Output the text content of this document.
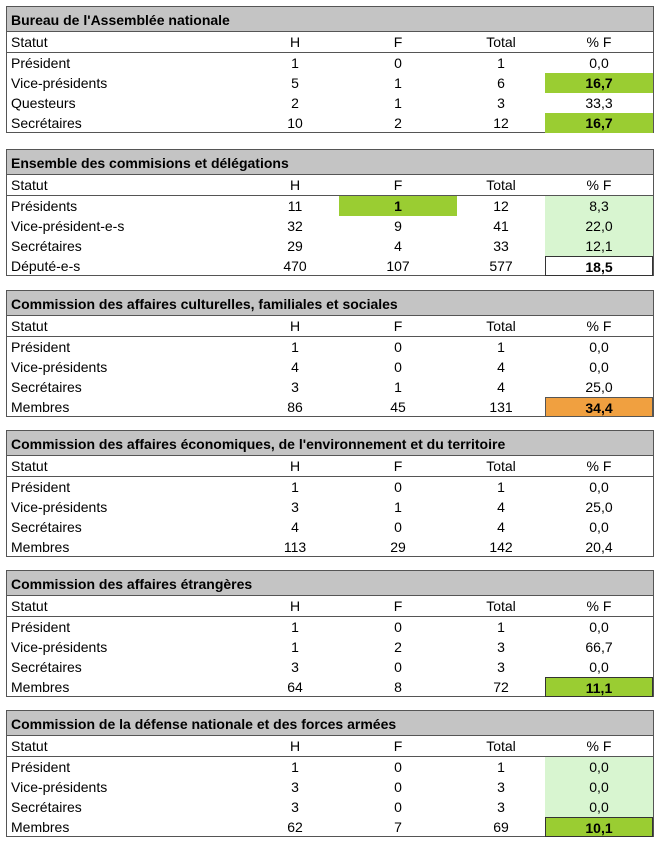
Bureau de l'Assemblée nationale
Statut	H	F	Total	% F
Président	1	0	1	0,0
Vice-présidents	5	1	6	16,7
Questeurs	2	1	3	33,3
Secrétaires	10	2	12	16,7
Ensemble des commisions et délégations
Statut	H	F	Total	% F
Présidents	11	1	12	8,3
Vice-président-e-s	32	9	41	22,0
Secrétaires	29	4	33	12,1
Député-e-s	470	107	577	18,5
Commission des affaires culturelles, familiales et sociales
Statut	H	F	Total	% F
Président	1	0	1	0,0
Vice-présidents	4	0	4	0,0
Secrétaires	3	1	4	25,0
Membres	86	45	131	34,4
Commission des affaires économiques, de l'environnement et du territoire
Statut	H	F	Total	% F
Président	1	0	1	0,0
Vice-présidents	3	1	4	25,0
Secrétaires	4	0	4	0,0
Membres	113	29	142	20,4
Commission des affaires étrangères
Statut	H	F	Total	% F
Président	1	0	1	0,0
Vice-présidents	1	2	3	66,7
Secrétaires	3	0	3	0,0
Membres	64	8	72	11,1
Commission de la défense nationale et des forces armées
Statut	H	F	Total	% F
Président	1	0	1	0,0
Vice-présidents	3	0	3	0,0
Secrétaires	3	0	3	0,0
Membres	62	7	69	10,1
